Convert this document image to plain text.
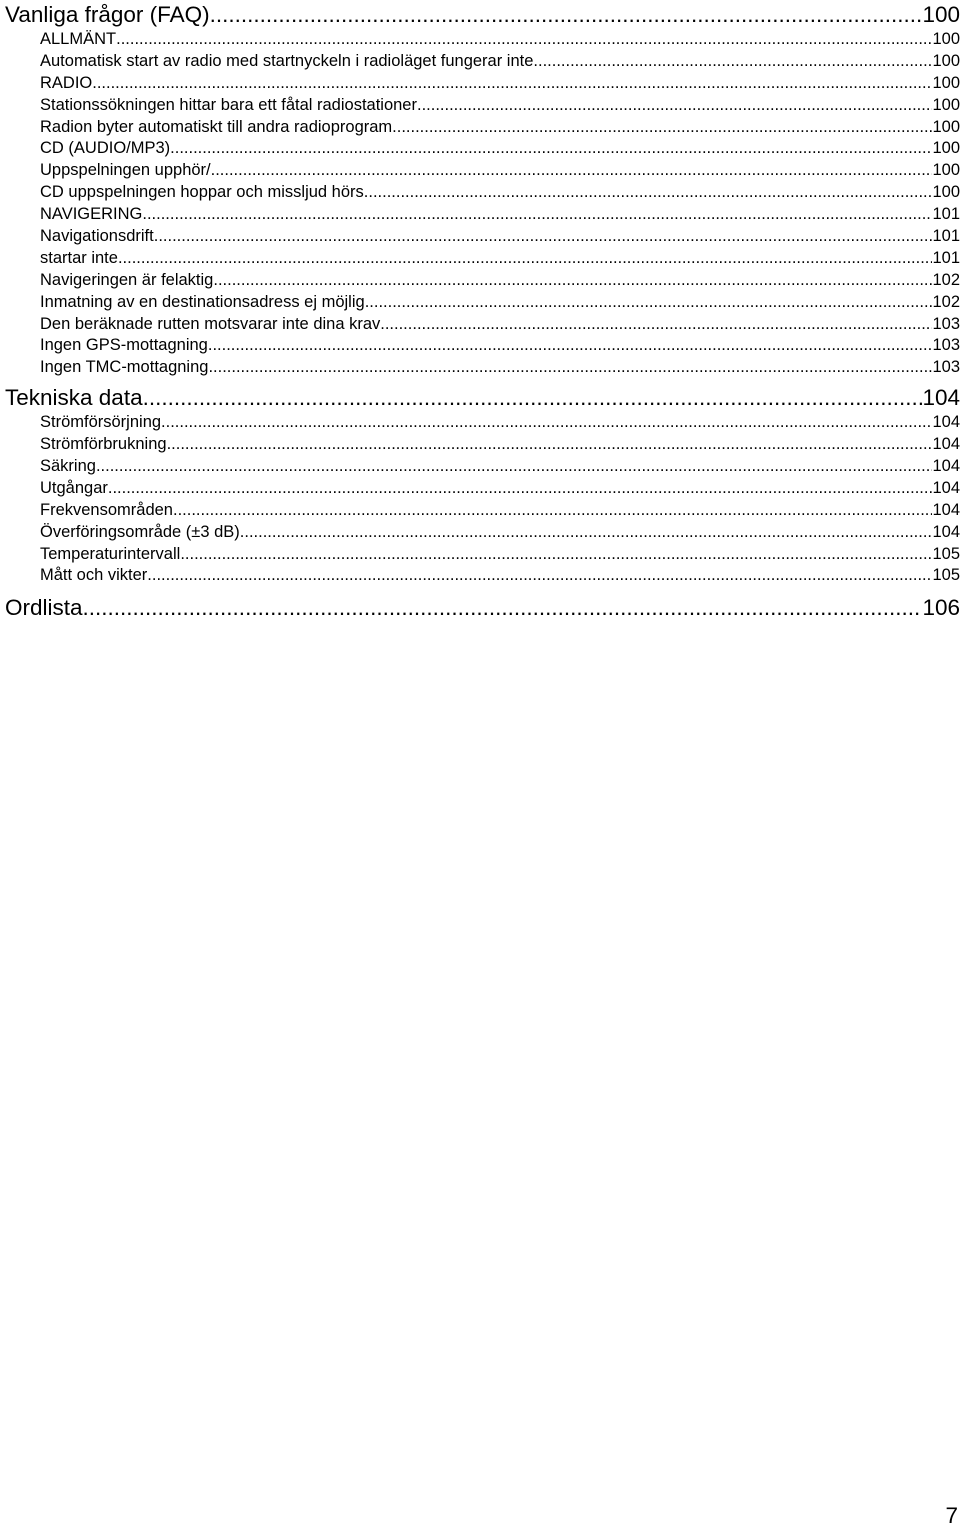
Vanliga frågor (FAQ) .....	100
ALLMÄNT .....	100
Automatisk start av radio med startnyckeln i radioläget fungerar inte. .....	100
RADIO .....	100
Stationssökningen hittar bara ett fåtal radiostationer .....	100
Radion byter automatiskt till andra radioprogram .....	100
CD (AUDIO/MP3) .....	100
Uppspelningen upphör/ .....	100
CD uppspelningen hoppar och missljud hörs .....	100
NAVIGERING .....	101
Navigationsdrift .....	101
startar inte .....	101
Navigeringen är felaktig .....	102
Inmatning av en destinationsadress ej möjlig .....	102
Den beräknade rutten motsvarar inte dina krav .....	103
Ingen GPS-mottagning .....	103
Ingen TMC-mottagning .....	103
Tekniska data .....	104
Strömförsörjning .....	104
Strömförbrukning .....	104
Säkring .....	104
Utgångar .....	104
Frekvensområden .....	104
Överföringsområde (±3 dB) .....	104
Temperaturintervall .....	105
Mått och vikter .....	105
Ordlista .....	106
7
